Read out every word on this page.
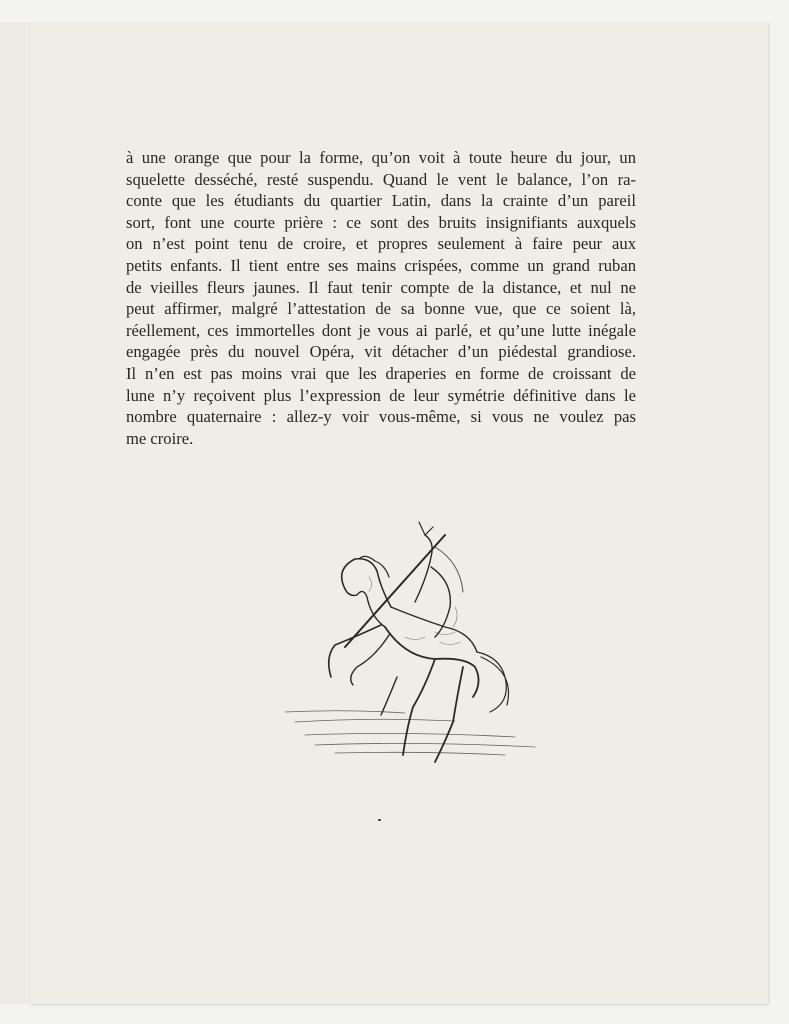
à une orange que pour la forme, qu’on voit à toute heure du jour, un
squelette desséché, resté suspendu. Quand le vent le balance, l’on ra-
conte que les étudiants du quartier Latin, dans la crainte d’un pareil
sort, font une courte prière : ce sont des bruits insignifiants auxquels
on n’est point tenu de croire, et propres seulement à faire peur aux
petits enfants. Il tient entre ses mains crispées, comme un grand ruban
de vieilles fleurs jaunes. Il faut tenir compte de la distance, et nul ne
peut affirmer, malgré l’attestation de sa bonne vue, que ce soient là,
réellement, ces immortelles dont je vous ai parlé, et qu’une lutte inégale
engagée près du nouvel Opéra, vit détacher d’un piédestal grandiose.
Il n’en est pas moins vrai que les draperies en forme de croissant de
lune n’y reçoivent plus l’expression de leur symétrie définitive dans le
nombre quaternaire : allez-y voir vous-même, si vous ne voulez pas
me croire.
